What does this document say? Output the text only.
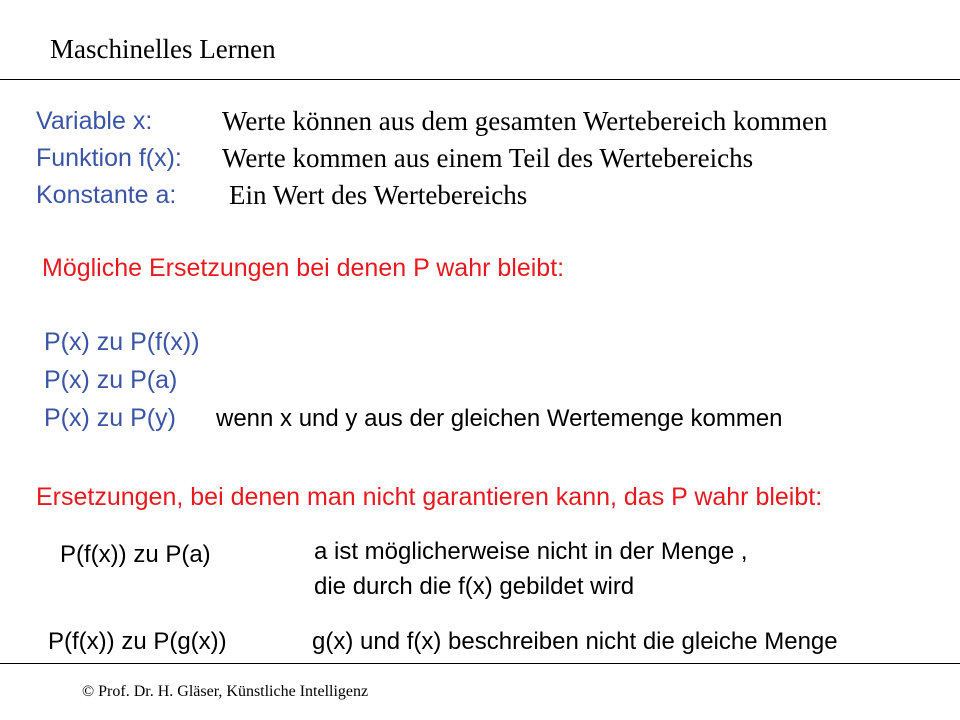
Maschinelles Lernen
Variable x:	Werte können aus dem gesamten Wertebereich kommen
Funktion f(x): Werte kommen aus einem Teil des Wertebereichs
Konstante a: Ein Wert des Wertebereichs
Mögliche Ersetzungen bei denen P wahr bleibt:
P(x) zu P(f(x))
P(x) zu P(a)
P(x) zu P(y) wenn x und y aus der gleichen Wertemenge kommen
Ersetzungen, bei denen man nicht garantieren kann, das P wahr bleibt:
P(f(x)) zu P(a)	a ist möglicherweise nicht in der Menge ,
die durch die f(x) gebildet wird
P(f(x)) zu P(g(x))	g(x) und f(x) beschreiben nicht die gleiche Menge
© Prof. Dr. H. Gläser, Künstliche Intelligenz
